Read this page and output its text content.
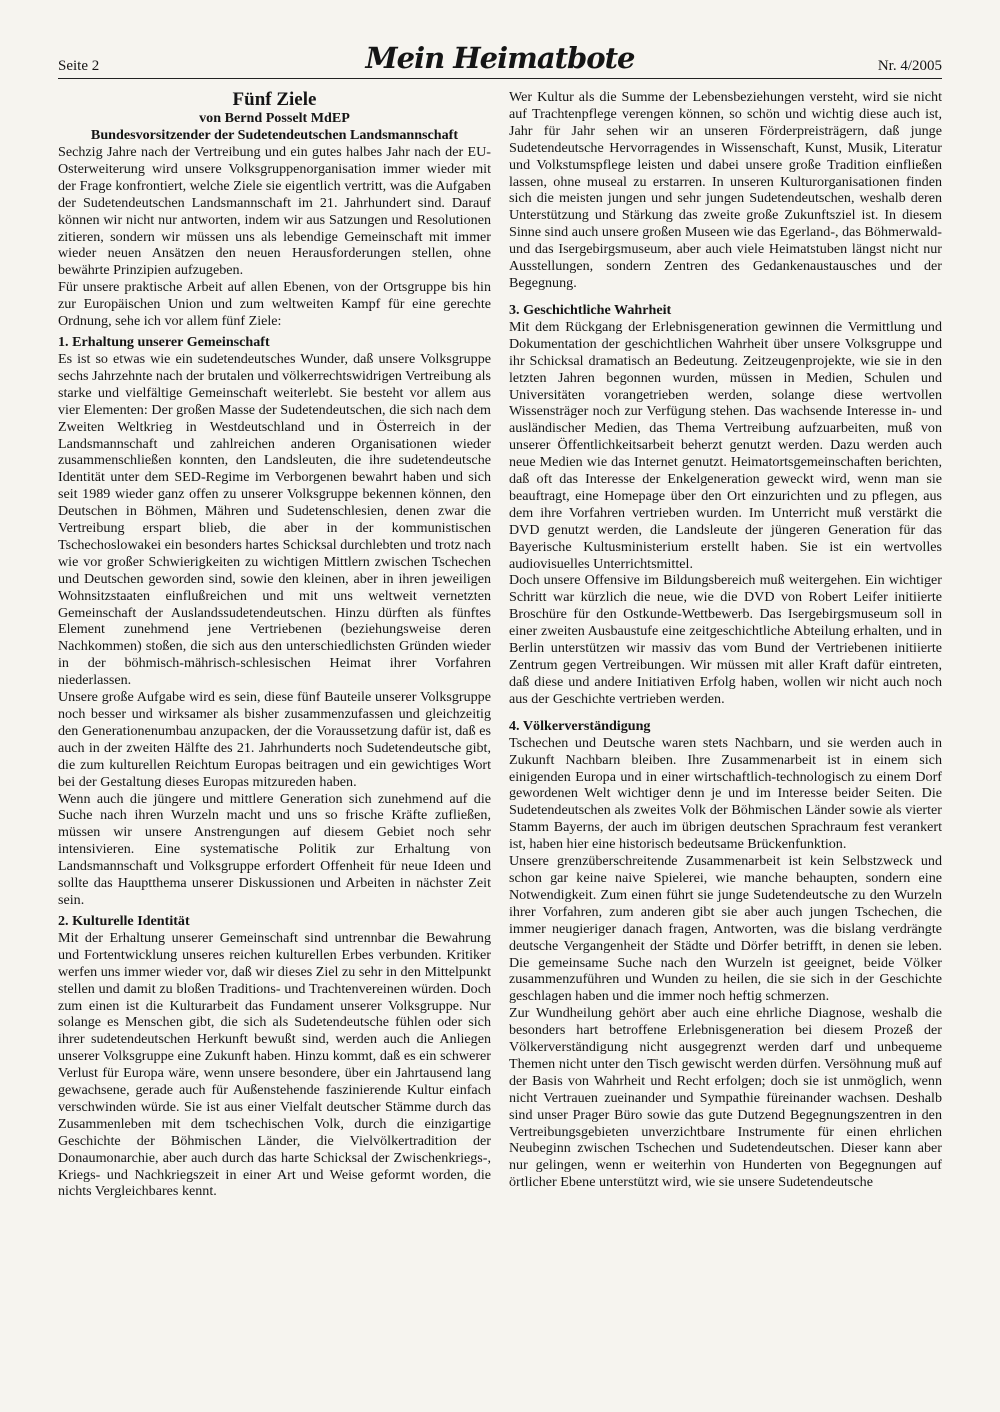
Seite 2	Mein Heimatbote	Nr. 4/2005
Fünf Ziele

von Bernd Posselt MdEP

Bundesvorsitzender der Sudetendeutschen Landsmannschaft

Sechzig Jahre nach der Vertreibung und ein gutes halbes Jahr nach der EU-Osterweiterung wird unsere Volksgruppenorganisation immer wieder mit der Frage konfrontiert, welche Ziele sie eigentlich vertritt, was die Aufgaben der Sudetendeutschen Landsmannschaft im 21. Jahrhundert sind. Darauf können wir nicht nur antworten, indem wir aus Satzungen und Resolutionen zitieren, sondern wir müssen uns als lebendige Gemeinschaft mit immer wieder neuen Ansätzen den neuen Herausforderungen stellen, ohne bewährte Prinzipien aufzugeben.

Für unsere praktische Arbeit auf allen Ebenen, von der Ortsgruppe bis hin zur Europäischen Union und zum weltweiten Kampf für eine gerechte Ordnung, sehe ich vor allem fünf Ziele:

1. Erhaltung unserer Gemeinschaft

Es ist so etwas wie ein sudetendeutsches Wunder, daß unsere Volksgruppe sechs Jahrzehnte nach der brutalen und völkerrechtswidrigen Vertreibung als starke und vielfältige Gemeinschaft weiterlebt. Sie besteht vor allem aus vier Elementen: Der großen Masse der Sudetendeutschen, die sich nach dem Zweiten Weltkrieg in Westdeutschland und in Österreich in der Landsmannschaft und zahlreichen anderen Organisationen wieder zusammenschließen konnten, den Landsleuten, die ihre sudetendeutsche Identität unter dem SED-Regime im Verborgenen bewahrt haben und sich seit 1989 wieder ganz offen zu unserer Volksgruppe bekennen können, den Deutschen in Böhmen, Mähren und Sudetenschlesien, denen zwar die Vertreibung erspart blieb, die aber in der kommunistischen Tschechoslowakei ein besonders hartes Schicksal durchlebten und trotz nach wie vor großer Schwierigkeiten zu wichtigen Mittlern zwischen Tschechen und Deutschen geworden sind, sowie den kleinen, aber in ihren jeweiligen Wohnsitzstaaten einflußreichen und mit uns weltweit vernetzten Gemeinschaft der Auslandssudetendeutschen. Hinzu dürften als fünftes Element zunehmend jene Vertriebenen (beziehungsweise deren Nachkommen) stoßen, die sich aus den unterschiedlichsten Gründen wieder in der böhmisch-mährisch-schlesischen Heimat ihrer Vorfahren niederlassen.

Unsere große Aufgabe wird es sein, diese fünf Bauteile unserer Volksgruppe noch besser und wirksamer als bisher zusammenzufassen und gleichzeitig den Generationenumbau anzupacken, der die Voraussetzung dafür ist, daß es auch in der zweiten Hälfte des 21. Jahrhunderts noch Sudetendeutsche gibt, die zum kulturellen Reichtum Europas beitragen und ein gewichtiges Wort bei der Gestaltung dieses Europas mitzureden haben.

Wenn auch die jüngere und mittlere Generation sich zunehmend auf die Suche nach ihren Wurzeln macht und uns so frische Kräfte zufließen, müssen wir unsere Anstrengungen auf diesem Gebiet noch sehr intensivieren. Eine systematische Politik zur Erhaltung von Landsmannschaft und Volksgruppe erfordert Offenheit für neue Ideen und sollte das Hauptthema unserer Diskussionen und Arbeiten in nächster Zeit sein.

2. Kulturelle Identität

Mit der Erhaltung unserer Gemeinschaft sind untrennbar die Bewahrung und Fortentwicklung unseres reichen kulturellen Erbes verbunden. Kritiker werfen uns immer wieder vor, daß wir dieses Ziel zu sehr in den Mittelpunkt stellen und damit zu bloßen Traditions- und Trachtenvereinen würden. Doch zum einen ist die Kulturarbeit das Fundament unserer Volksgruppe. Nur solange es Menschen gibt, die sich als Sudetendeutsche fühlen oder sich ihrer sudetendeutschen Herkunft bewußt sind, werden auch die Anliegen unserer Volksgruppe eine Zukunft haben. Hinzu kommt, daß es ein schwerer Verlust für Europa wäre, wenn unsere besondere, über ein Jahrtausend lang gewachsene, gerade auch für Außenstehende faszinierende Kultur einfach verschwinden würde. Sie ist aus einer Vielfalt deutscher Stämme durch das Zusammenleben mit dem tschechischen Volk, durch die einzigartige Geschichte der Böhmischen Länder, die Vielvölkertradition der Donaumonarchie, aber auch durch das harte Schicksal der Zwischenkriegs-, Kriegs- und Nachkriegszeit in einer Art und Weise geformt worden, die nichts Vergleichbares kennt.

Wer Kultur als die Summe der Lebensbeziehungen versteht, wird sie nicht auf Trachtenpflege verengen können, so schön und wichtig diese auch ist, Jahr für Jahr sehen wir an unseren Förderpreisträgern, daß junge Sudetendeutsche Hervorragendes in Wissenschaft, Kunst, Musik, Literatur und Volkstumspflege leisten und dabei unsere große Tradition einfließen lassen, ohne museal zu erstarren. In unseren Kulturorganisationen finden sich die meisten jungen und sehr jungen Sudetendeutschen, weshalb deren Unterstützung und Stärkung das zweite große Zukunftsziel ist. In diesem Sinne sind auch unsere großen Museen wie das Egerland-, das Böhmerwald- und das Isergebirgsmuseum, aber auch viele Heimatstuben längst nicht nur Ausstellungen, sondern Zentren des Gedankenaustausches und der Begegnung.

3. Geschichtliche Wahrheit

Mit dem Rückgang der Erlebnisgeneration gewinnen die Vermittlung und Dokumentation der geschichtlichen Wahrheit über unsere Volksgruppe und ihr Schicksal dramatisch an Bedeutung. Zeitzeugenprojekte, wie sie in den letzten Jahren begonnen wurden, müssen in Medien, Schulen und Universitäten vorangetrieben werden, solange diese wertvollen Wissensträger noch zur Verfügung stehen. Das wachsende Interesse in- und ausländischer Medien, das Thema Vertreibung aufzuarbeiten, muß von unserer Öffentlichkeitsarbeit beherzt genutzt werden. Dazu werden auch neue Medien wie das Internet genutzt. Heimatortsgemeinschaften berichten, daß oft das Interesse der Enkelgeneration geweckt wird, wenn man sie beauftragt, eine Homepage über den Ort einzurichten und zu pflegen, aus dem ihre Vorfahren vertrieben wurden. Im Unterricht muß verstärkt die DVD genutzt werden, die Landsleute der jüngeren Generation für das Bayerische Kultusministerium erstellt haben. Sie ist ein wertvolles audiovisuelles Unterrichtsmittel.

Doch unsere Offensive im Bildungsbereich muß weitergehen. Ein wichtiger Schritt war kürzlich die neue, wie die DVD von Robert Leifer initiierte Broschüre für den Ostkunde-Wettbewerb. Das Isergebirgsmuseum soll in einer zweiten Ausbaustufe eine zeitgeschichtliche Abteilung erhalten, und in Berlin unterstützen wir massiv das vom Bund der Vertriebenen initiierte Zentrum gegen Vertreibungen. Wir müssen mit aller Kraft dafür eintreten, daß diese und andere Initiativen Erfolg haben, wollen wir nicht auch noch aus der Geschichte vertrieben werden.

4. Völkerverständigung

Tschechen und Deutsche waren stets Nachbarn, und sie werden auch in Zukunft Nachbarn bleiben. Ihre Zusammenarbeit ist in einem sich einigenden Europa und in einer wirtschaftlich-technologisch zu einem Dorf gewordenen Welt wichtiger denn je und im Interesse beider Seiten. Die Sudetendeutschen als zweites Volk der Böhmischen Länder sowie als vierter Stamm Bayerns, der auch im übrigen deutschen Sprachraum fest verankert ist, haben hier eine historisch bedeutsame Brückenfunktion.

Unsere grenzüberschreitende Zusammenarbeit ist kein Selbstzweck und schon gar keine naive Spielerei, wie manche behaupten, sondern eine Notwendigkeit. Zum einen führt sie junge Sudetendeutsche zu den Wurzeln ihrer Vorfahren, zum anderen gibt sie aber auch jungen Tschechen, die immer neugieriger danach fragen, Antworten, was die bislang verdrängte deutsche Vergangenheit der Städte und Dörfer betrifft, in denen sie leben. Die gemeinsame Suche nach den Wurzeln ist geeignet, beide Völker zusammenzuführen und Wunden zu heilen, die sie sich in der Geschichte geschlagen haben und die immer noch heftig schmerzen.

Zur Wundheilung gehört aber auch eine ehrliche Diagnose, weshalb die besonders hart betroffene Erlebnisgeneration bei diesem Prozeß der Völkerverständigung nicht ausgegrenzt werden darf und unbequeme Themen nicht unter den Tisch gewischt werden dürfen. Versöhnung muß auf der Basis von Wahrheit und Recht erfolgen; doch sie ist unmöglich, wenn nicht Vertrauen zueinander und Sympathie füreinander wachsen. Deshalb sind unser Prager Büro sowie das gute Dutzend Begegnungszentren in den Vertreibungsgebieten unverzichtbare Instrumente für einen ehrlichen Neubeginn zwischen Tschechen und Sudetendeutschen. Dieser kann aber nur gelingen, wenn er weiterhin von Hunderten von Begegnungen auf örtlicher Ebene unterstützt wird, wie sie unsere Sudetendeutsche
